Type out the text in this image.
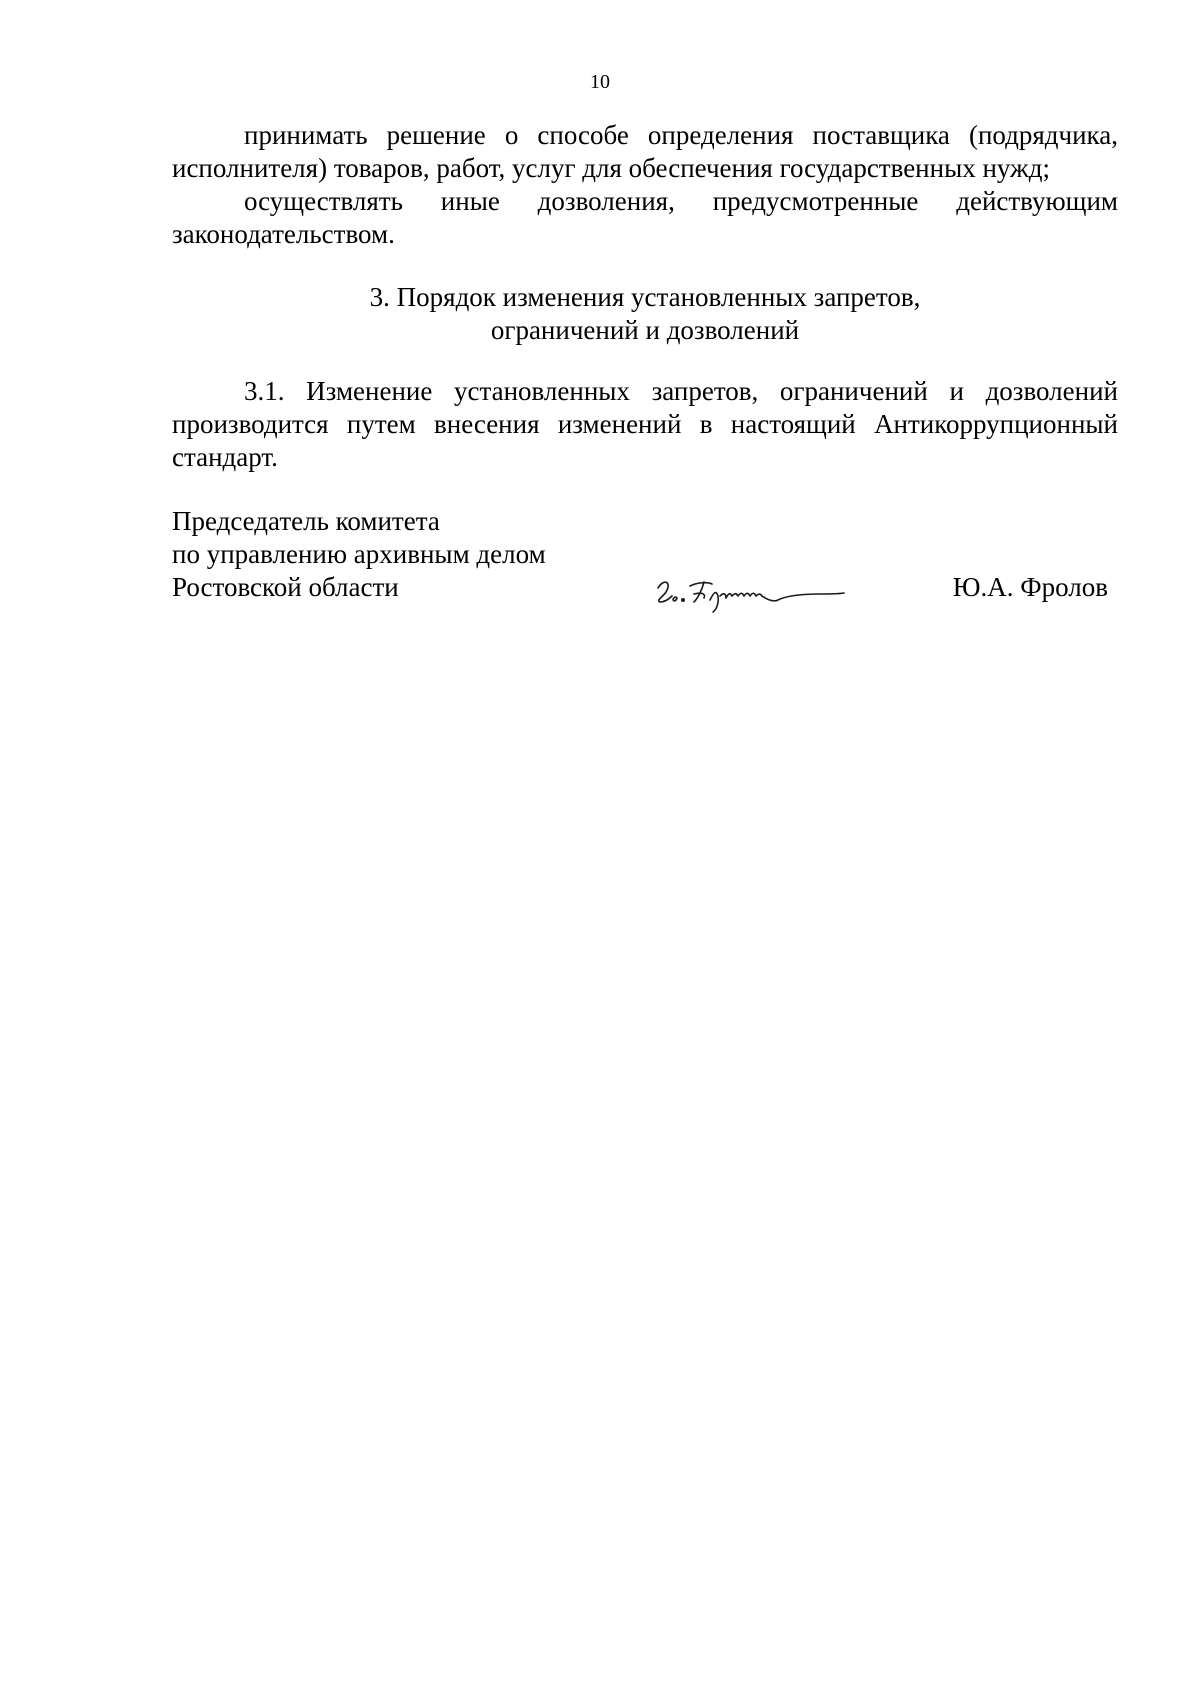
10

принимать решение о способе определения поставщика (подрядчика, исполнителя) товаров, работ, услуг для обеспечения государственных нужд;

осуществлять иные дозволения, предусмотренные действующим законодательством.

3. Порядок изменения установленных запретов,
ограничений и дозволений

3.1. Изменение установленных запретов, ограничений и дозволений производится путем внесения изменений в настоящий Антикоррупционный стандарт.

Председатель комитета
по управлению архивным делом
Ростовской области	Ю.А. Фролов
